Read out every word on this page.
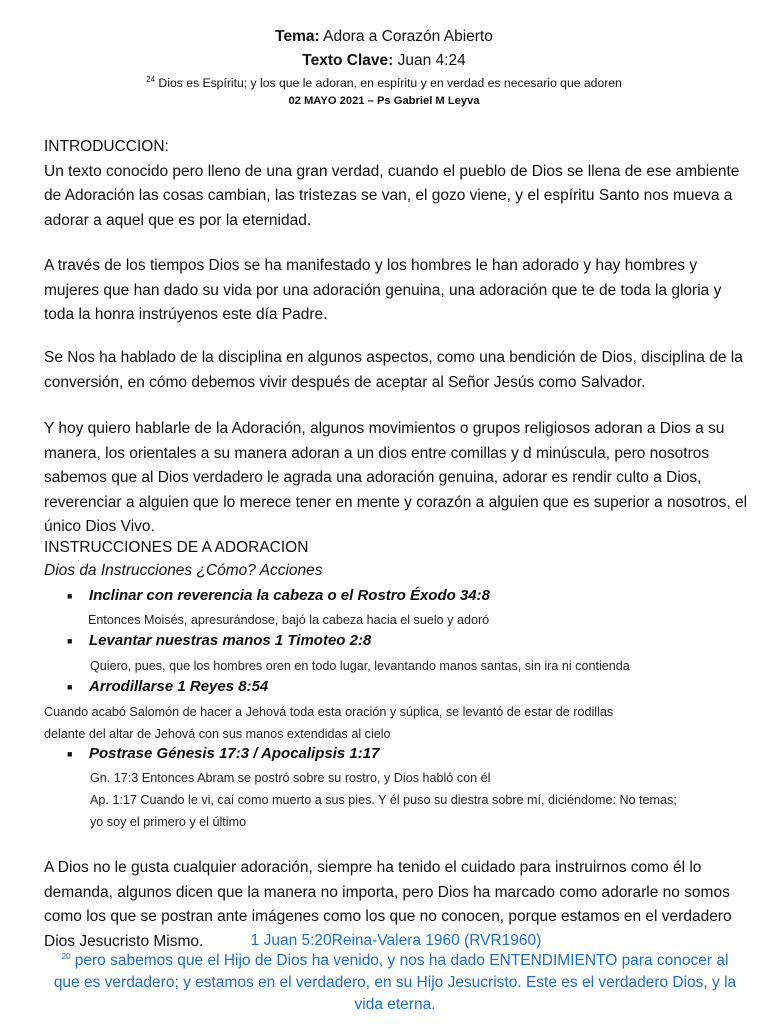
Tema: Adora a Corazón Abierto
Texto Clave: Juan 4:24
$^{24}$ Dios es Espíritu; y los que le adoran, en espíritu y en verdad es necesario que adoren
02 MAYO 2021 – Ps Gabriel M Leyva
INTRODUCCION:
Un texto conocido pero lleno de una gran verdad, cuando el pueblo de Dios se llena de ese ambiente de Adoración las cosas cambian, las tristezas se van, el gozo viene, y el espíritu Santo nos mueva a adorar a aquel que es por la eternidad.
A través de los tiempos Dios se ha manifestado y los hombres le han adorado y hay hombres y mujeres que han dado su vida por una adoración genuina, una adoración que te de toda la gloria y toda la honra instrúyenos este día Padre.
Se Nos ha hablado de la disciplina en algunos aspectos, como una bendición de Dios, disciplina de la conversión, en cómo debemos vivir después de aceptar al Señor Jesús como Salvador.
Y hoy quiero hablarle de la Adoración, algunos movimientos o grupos religiosos adoran a Dios a su manera, los orientales a su manera adoran a un dios entre comillas y d minúscula, pero nosotros sabemos que al Dios verdadero le agrada una adoración genuina, adorar es rendir culto a Dios, reverenciar a alguien que lo merece tener en mente y corazón a alguien que es superior a nosotros, el único Dios Vivo.
INSTRUCCIONES DE A ADORACION
Dios da Instrucciones ¿Cómo? Acciones
■ Inclinar con reverencia la cabeza o el Rostro Éxodo 34:8
Entonces Moisés, apresurándose, bajó la cabeza hacia el suelo y adoró
■ Levantar nuestras manos 1 Timoteo 2:8
Quiero, pues, que los hombres oren en todo lugar, levantando manos santas, sin ira ni contienda
■ Arrodillarse 1 Reyes 8:54
Cuando acabó Salomón de hacer a Jehová toda esta oración y súplica, se levantó de estar de rodillas
delante del altar de Jehová con sus manos extendidas al cielo
■ Postrase Génesis 17:3 / Apocalipsis 1:17
Gn. 17:3 Entonces Abram se postró sobre su rostro, y Dios habló con él
Ap. 1:17 Cuando le vi, caí como muerto a sus pies. Y él puso su diestra sobre mí, diciéndome: No temas;
yo soy el primero y el último
A Dios no le gusta cualquier adoración, siempre ha tenido el cuidado para instruirnos como él lo demanda, algunos dicen que la manera no importa, pero Dios ha marcado como adorarle no somos como los que se postran ante imágenes como los que no conocen, porque estamos en el verdadero Dios Jesucristo Mismo.	1 Juan 5:20Reina-Valera 1960 (RVR1960)
$^{20}$ pero sabemos que el Hijo de Dios ha venido, y nos ha dado ENTENDIMIENTO para conocer al que es verdadero; y estamos en el verdadero, en su Hijo Jesucristo. Este es el verdadero Dios, y la vida eterna.
